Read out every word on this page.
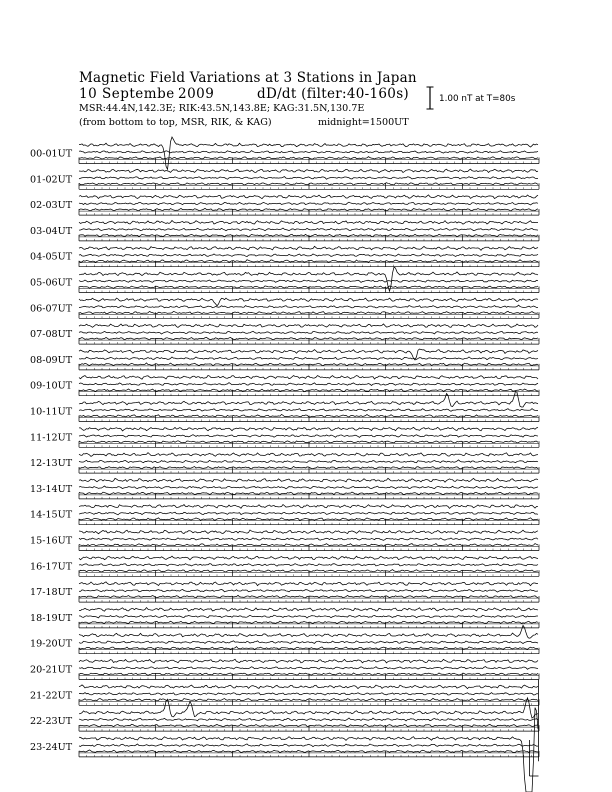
Magnetic Field Variations at 3 Stations in Japan
10 Septembe 2009	dD/dt (filter:40-160s)
MSR:44.4N,142.3E; RIK:43.5N,143.8E; KAG:31.5N,130.7E
(from bottom to top, MSR, RIK, & KAG)	midnight=1500UT
1.00 nT at T=80s
00-01UT
01-02UT
02-03UT
03-04UT
04-05UT
05-06UT
06-07UT
07-08UT
08-09UT
09-10UT
10-11UT
11-12UT
12-13UT
13-14UT
14-15UT
15-16UT
16-17UT
17-18UT
18-19UT
19-20UT
20-21UT
21-22UT
22-23UT
23-24UT
